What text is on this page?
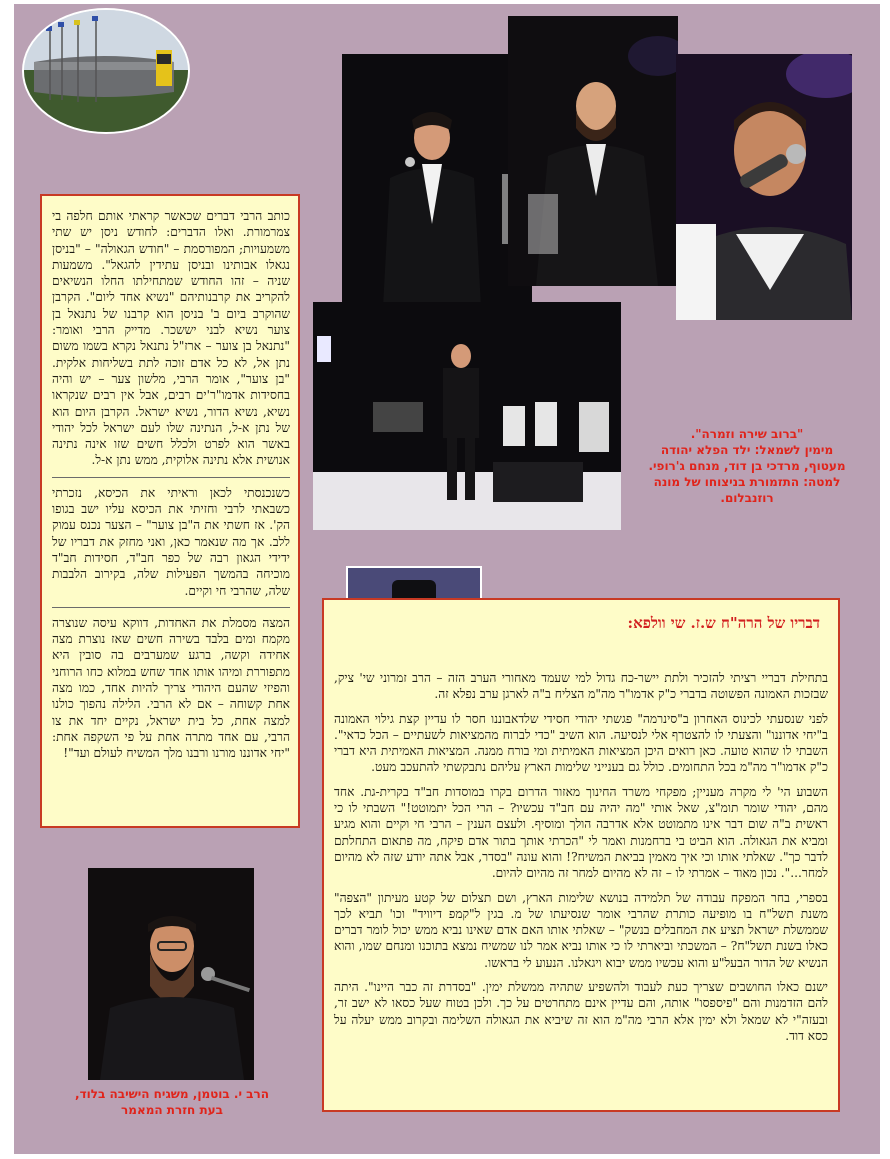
כותב הרבי דברים שכאשר קראתי אותם חלפה בי צמרמורת. ואלו הדברים: לחודש ניסן יש שתי משמעויות; המפורסמת – "חודש הגאולה" – "בניסן נגאלו אבותינו ובניסן עתידין להגאל". משמעות שניה – זהו החודש שמתחילתו החלו הנשיאים להקריב את קרבנותיהם "נשיא אחד ליום". הקרבן שהוקרב ביום ב' בניסן הוא קרבנו של נתנאל בן צוער נשיא לבני יששכר. מדייק הרבי ואומר: "נתנאל בן צוער – ארז"ל נתנאל נקרא בשמו משום נתן אל, לא כל אדם זוכה לתת בשליחות אלקית. "בן צוער", אומר הרבי, מלשון צער – יש והיה בחסידות אדמו"ר'ים רבים, אבל אין רבים שנקראו נשיא, נשיא הדור, נשיא ישראל. הקרבן היום הוא של נתן א-ל, הנתינה שלו לעם ישראל לכל יהודי באשר הוא לפרט ולכלל חשים שזו אינה נתינה אנושית אלא נתינה אלוקית, ממש נתן א-ל.

כשנכנסתי לכאן וראיתי את הכיסא, נזכרתי כשבאתי לרבי וחזיתי את הכיסא עליו ישב בגופו הק'. אז חשתי את ה"בן צוער" – הצער נכנס עמוק ללב. אך מה שנאמר כאן, ואני מחזק את דבריו של ידידי הגאון רבה של כפר חב"ד, חסידות חב"ד מוכיחה בהמשך הפעילות שלה, בקירוב הלבבות שלה, שהרבי חי וקיים.

המצה מסמלת את האחדות, דווקא עיסה שנוצרה מקמח ומים בלבד בשירה חשים שאז נוצרת מצה אחידה וקשה, ברגע שמערבים בה סובין היא מתפוררת ומיהו אותו אחד שחש במלוא כחו הרוחני והפיזי שהעם היהודי צריך להיות אחד, כמו מצה אחת קשוחה – אם לא הרבי. הלילה נהפוך כולנו למצה אחת, כל בית ישראל, נקיים יחד את צו הרבי, עם אחד מתרה אחת על פי השקפה אחת: "יחי אדוננו מורנו ורבנו מלך המשיח לעולם ועד"!

"ברוב שירה וזמרה".
מימין לשמאל: ילד הפלא יהודה
מעטוף, מרדכי בן דוד, מנחם ג'רופי.
למטה: התזמורת בניצוחו של מונה
רוזנבלום.
דבריו של הרה"ח ש.ז. שי וולפא:

בתחילת דבריי רציתי להזכיר ולתת יישר-כח גדול למי שעמד מאחורי הערב הזה – הרב זמרוני שי' ציק, שבזכות האמונה הפשוטה בדברי כ"ק אדמו"ר מה"מ הצליח ב"ה לארגן ערב נפלא זה.

לפני שנסעתי לכינוס האחרון ב"סינרמה" פגשתי יהודי חסידי שלדאבוננו חסר לו עדיין קצת גילוי האמונה ב"יחי אדוננו" והצעתי לו להצטרף אלי לנסיעה. הוא השיב "כדי לברוח מהמציאות לשעתיים – הכל כדאי". השבתי לו שהוא טועה. כאן רואים היכן המציאות האמיתית ומי בורח ממנה. המציאות האמיתית היא דברי כ"ק אדמו"ר מה"מ בכל התחומים. כולל גם בענייני שלימות הארץ עליהם נתבקשתי להתעכב מעט.

השבוע הי' לי מקרה מעניין; מפקחי משרד החינוך מאזור הדרום בקרו במוסדות חב"ד בקרית-גת. אחד מהם, יהודי שומר תומ"צ, שאל אותי "מה יהיה עם חב"ד עכשיו? – הרי הכל יתמוטט!" השבתי לו כי ראשית ב"ה שום דבר אינו מתמוטט אלא אדרבה הולך ומוסיף. ולעצם הענין – הרבי חי וקיים והוא מגיע ומביא את הגאולה. הוא הביט בי ברחמנות ואמר לי "הכרתי אותך בתור אדם פיקח, מה פתאום התחלתם לדבר כך". שאלתי אותו וכי איך מאמין בביאת המשיח?! והוא עונה "בסדר, אבל אתה יודע שזה לא מהיום למחר...". נכון מאוד – אמרתי לו – זה לא מהיום למחר זה מהיום להיום.

בספרי, בחר המפקח עבודה של תלמידה בנושא שלימות הארץ, ושם תצלום של קטע מעיתון "הצפה" משנת תשל"ח בו מופיעה כותרת שהרבי אומר שנסיעתו של מ. בגין ל"קמפ דיוויד" וכו' תביא לכך שממשלת ישראל תציע את המחבלים בנשק" – שאלתי אותו האם אדם שאינו נביא ממש יכול לומר דברים כאלו בשנת תשל"ח? – המשכתי וביארתי לו כי אותו נביא אמר לנו שמשיח נמצא בתוכנו ומנחם שמו, והוא הנשיא של הדור הבעל"ע והוא עכשיו ממש יבוא ויגאלנו. הנעוע לי בראשו.

ישנם כאלו החושבים שצריך כעת לעבוד ולהשפיע שתהיה ממשלת ימין. "בסדרת זה כבר היינו". היתה להם הזדמנות והם "פיספסו" אותה, והם עדיין אינם מתחרטים על כך. ולכן בטוח שעל כסאו לא ישב זר, ובעזה"י לא שמאל ולא ימין אלא הרבי מה"מ הוא זה שיביא את הגאולה השלימה ובקרוב ממש יעלה על כסא דוד.

הרב י. בוטמן, משגיח הישיבה בלוד,
בעת חזרת המאמר
